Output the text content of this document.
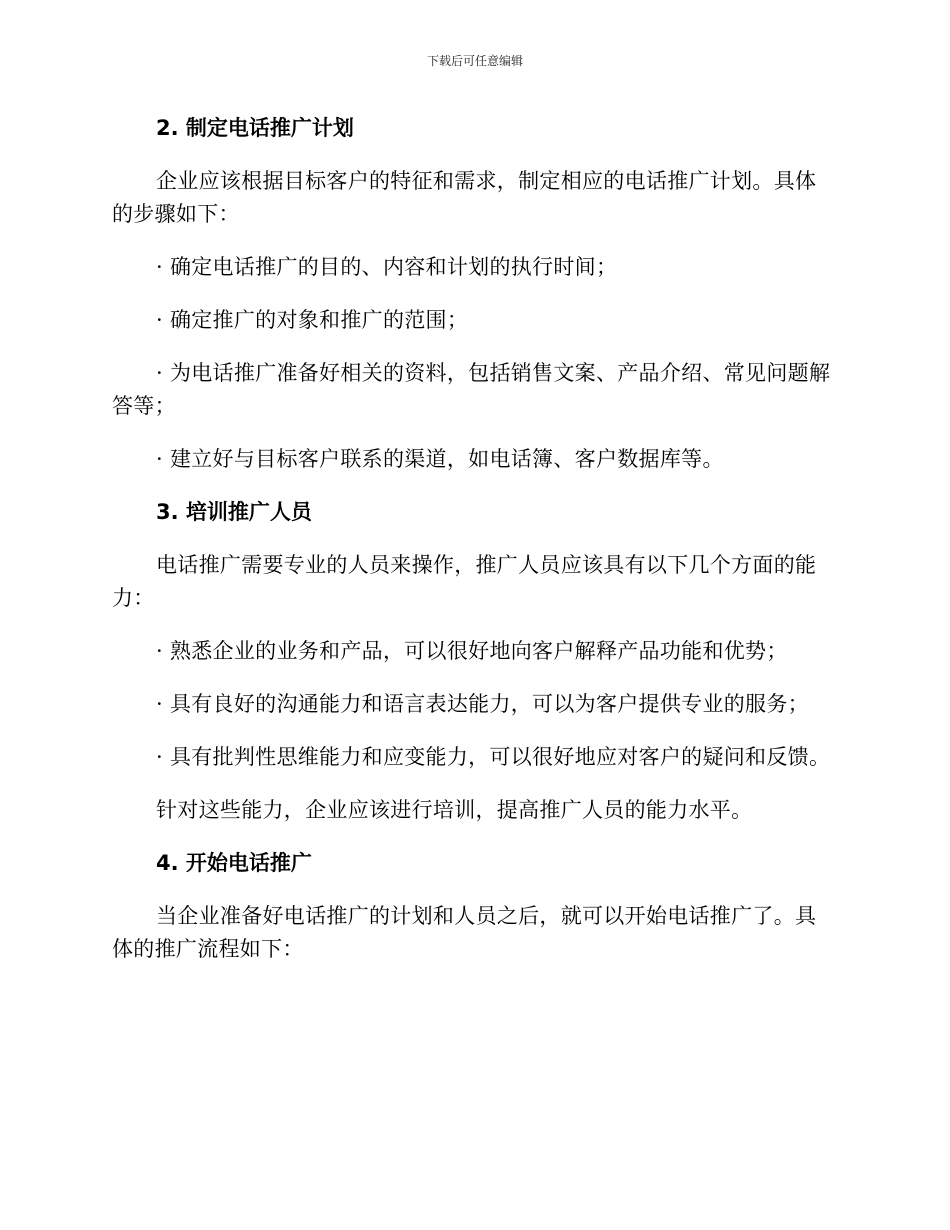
下载后可任意编辑
2. 制定电话推广计划
企业应该根据目标客户的特征和需求，制定相应的电话推广计划。具体的步骤如下：
· 确定电话推广的目的、内容和计划的执行时间；
· 确定推广的对象和推广的范围；
· 为电话推广准备好相关的资料，包括销售文案、产品介绍、常见问题解答等；
· 建立好与目标客户联系的渠道，如电话簿、客户数据库等。
3. 培训推广人员
电话推广需要专业的人员来操作，推广人员应该具有以下几个方面的能力：
· 熟悉企业的业务和产品，可以很好地向客户解释产品功能和优势；
· 具有良好的沟通能力和语言表达能力，可以为客户提供专业的服务；
· 具有批判性思维能力和应变能力，可以很好地应对客户的疑问和反馈。
针对这些能力，企业应该进行培训，提高推广人员的能力水平。
4. 开始电话推广
当企业准备好电话推广的计划和人员之后，就可以开始电话推广了。具体的推广流程如下：
